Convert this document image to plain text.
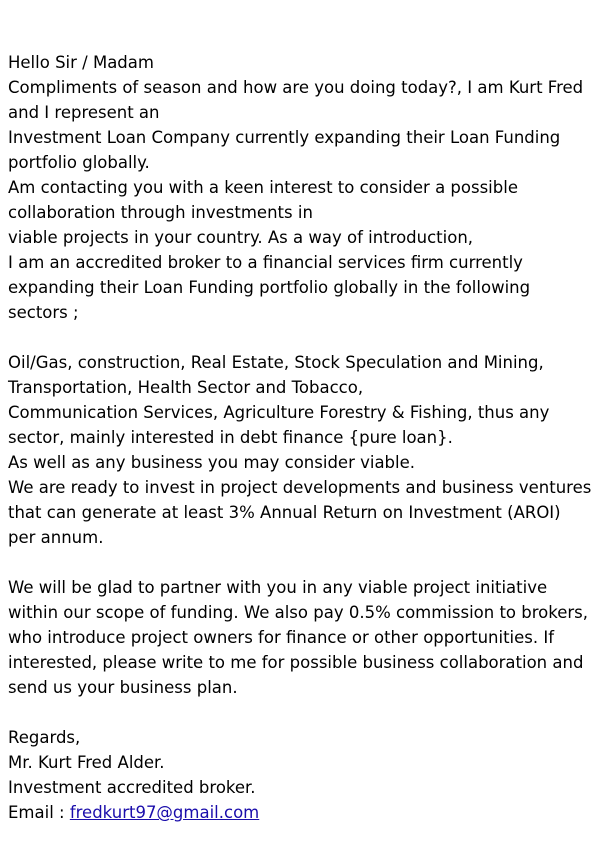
Hello Sir / Madam

Compliments of season and how are you doing today?, I am Kurt Fred and I represent an

Investment Loan Company currently expanding their Loan Funding portfolio globally.

Am contacting you with a keen interest to consider a possible collaboration through investments in

viable projects in your country. As a way of introduction,

I am an accredited broker to a financial services firm currently expanding their Loan Funding portfolio globally in the following sectors ;

Oil/Gas, construction, Real Estate, Stock Speculation and Mining, Transportation, Health Sector and Tobacco,

Communication Services, Agriculture Forestry & Fishing, thus any sector, mainly interested in debt finance {pure loan}.

As well as any business you may consider viable.

We are ready to invest in project developments and business ventures that can generate at least 3% Annual Return on Investment (AROI) per annum.

We will be glad to partner with you in any viable project initiative within our scope of funding. We also pay 0.5% commission to brokers,

who introduce project owners for finance or other opportunities. If interested, please write to me for possible business collaboration and send us your business plan.

Regards,

Mr. Kurt Fred Alder.

Investment accredited broker.

Email : fredkurt97@gmail.com
